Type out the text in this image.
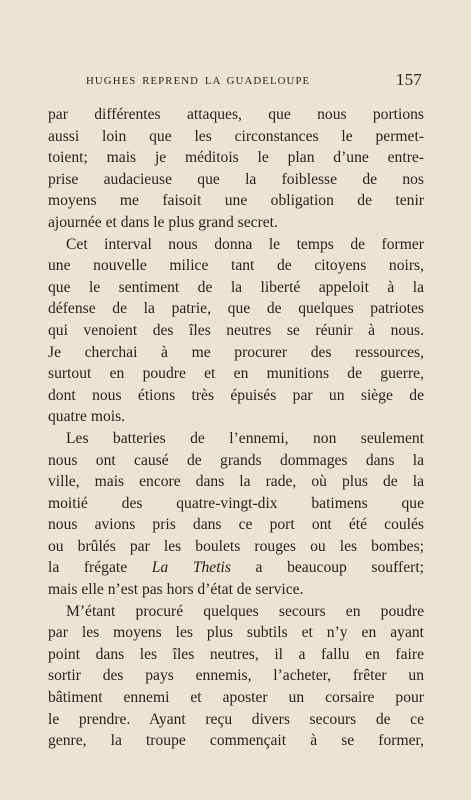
HUGHES REPREND LA GUADELOUPE	157
par différentes attaques, que nous portions
aussi loin que les circonstances le permet-
toient; mais je méditois le plan d’une entre-
prise audacieuse que la foiblesse de nos
moyens me faisoit une obligation de tenir
ajournée et dans le plus grand secret.
Cet interval nous donna le temps de former
une nouvelle milice tant de citoyens noirs,
que le sentiment de la liberté appeloit à la
défense de la patrie, que de quelques patriotes
qui venoient des îles neutres se réunir à nous.
Je cherchai à me procurer des ressources,
surtout en poudre et en munitions de guerre,
dont nous étions très épuisés par un siège de
quatre mois.
Les batteries de l’ennemi, non seulement
nous ont causé de grands dommages dans la
ville, mais encore dans la rade, où plus de la
moitié des quatre-vingt-dix batimens que
nous avions pris dans ce port ont été coulés
ou brûlés par les boulets rouges ou les bombes;
la frégate La Thetis a beaucoup souffert;
mais elle n’est pas hors d’état de service.
M’étant procuré quelques secours en poudre
par les moyens les plus subtils et n’y en ayant
point dans les îles neutres, il a fallu en faire
sortir des pays ennemis, l’acheter, frêter un
bâtiment ennemi et aposter un corsaire pour
le prendre. Ayant reçu divers secours de ce
genre, la troupe commençait à se former,
